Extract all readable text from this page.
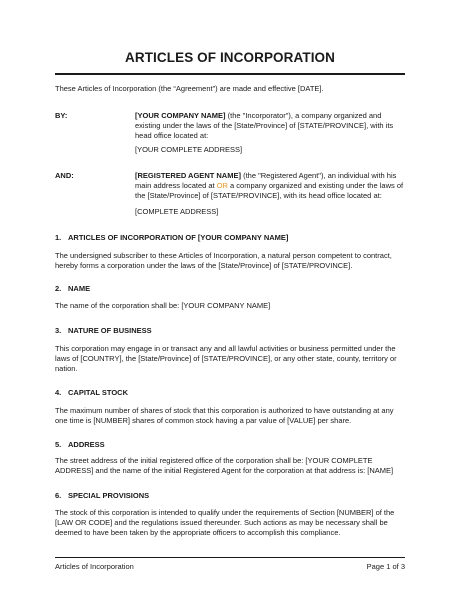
ARTICLES OF INCORPORATION
These Articles of Incorporation (the “Agreement”) are made and effective [DATE].
BY:	[YOUR COMPANY NAME] (the "Incorporator"), a company organized and
existing under the laws of the [State/Province] of [STATE/PROVINCE], with its
head office located at:
[YOUR COMPLETE ADDRESS]
AND:	[REGISTERED AGENT NAME] (the "Registered Agent"), an individual with his
main address located at OR a company organized and existing under the laws of
the [State/Province] of [STATE/PROVINCE], with its head office located at:
[COMPLETE ADDRESS]
1. ARTICLES OF INCORPORATION OF [YOUR COMPANY NAME]
The undersigned subscriber to these Articles of Incorporation, a natural person competent to contract,
hereby forms a corporation under the laws of the [State/Province] of [STATE/PROVINCE].
2. NAME
The name of the corporation shall be: [YOUR COMPANY NAME]
3. NATURE OF BUSINESS
This corporation may engage in or transact any and all lawful activities or business permitted under the
laws of [COUNTRY], the [State/Province] of [STATE/PROVINCE], or any other state, county, territory or
nation.
4. CAPITAL STOCK
The maximum number of shares of stock that this corporation is authorized to have outstanding at any
one time is [NUMBER] shares of common stock having a par value of [VALUE] per share.
5. ADDRESS
The street address of the initial registered office of the corporation shall be: [YOUR COMPLETE
ADDRESS] and the name of the initial Registered Agent for the corporation at that address is: [NAME]
6. SPECIAL PROVISIONS
The stock of this corporation is intended to qualify under the requirements of Section [NUMBER] of the
[LAW OR CODE] and the regulations issued thereunder. Such actions as may be necessary shall be
deemed to have been taken by the appropriate officers to accomplish this compliance.
Articles of Incorporation	Page 1 of 3
